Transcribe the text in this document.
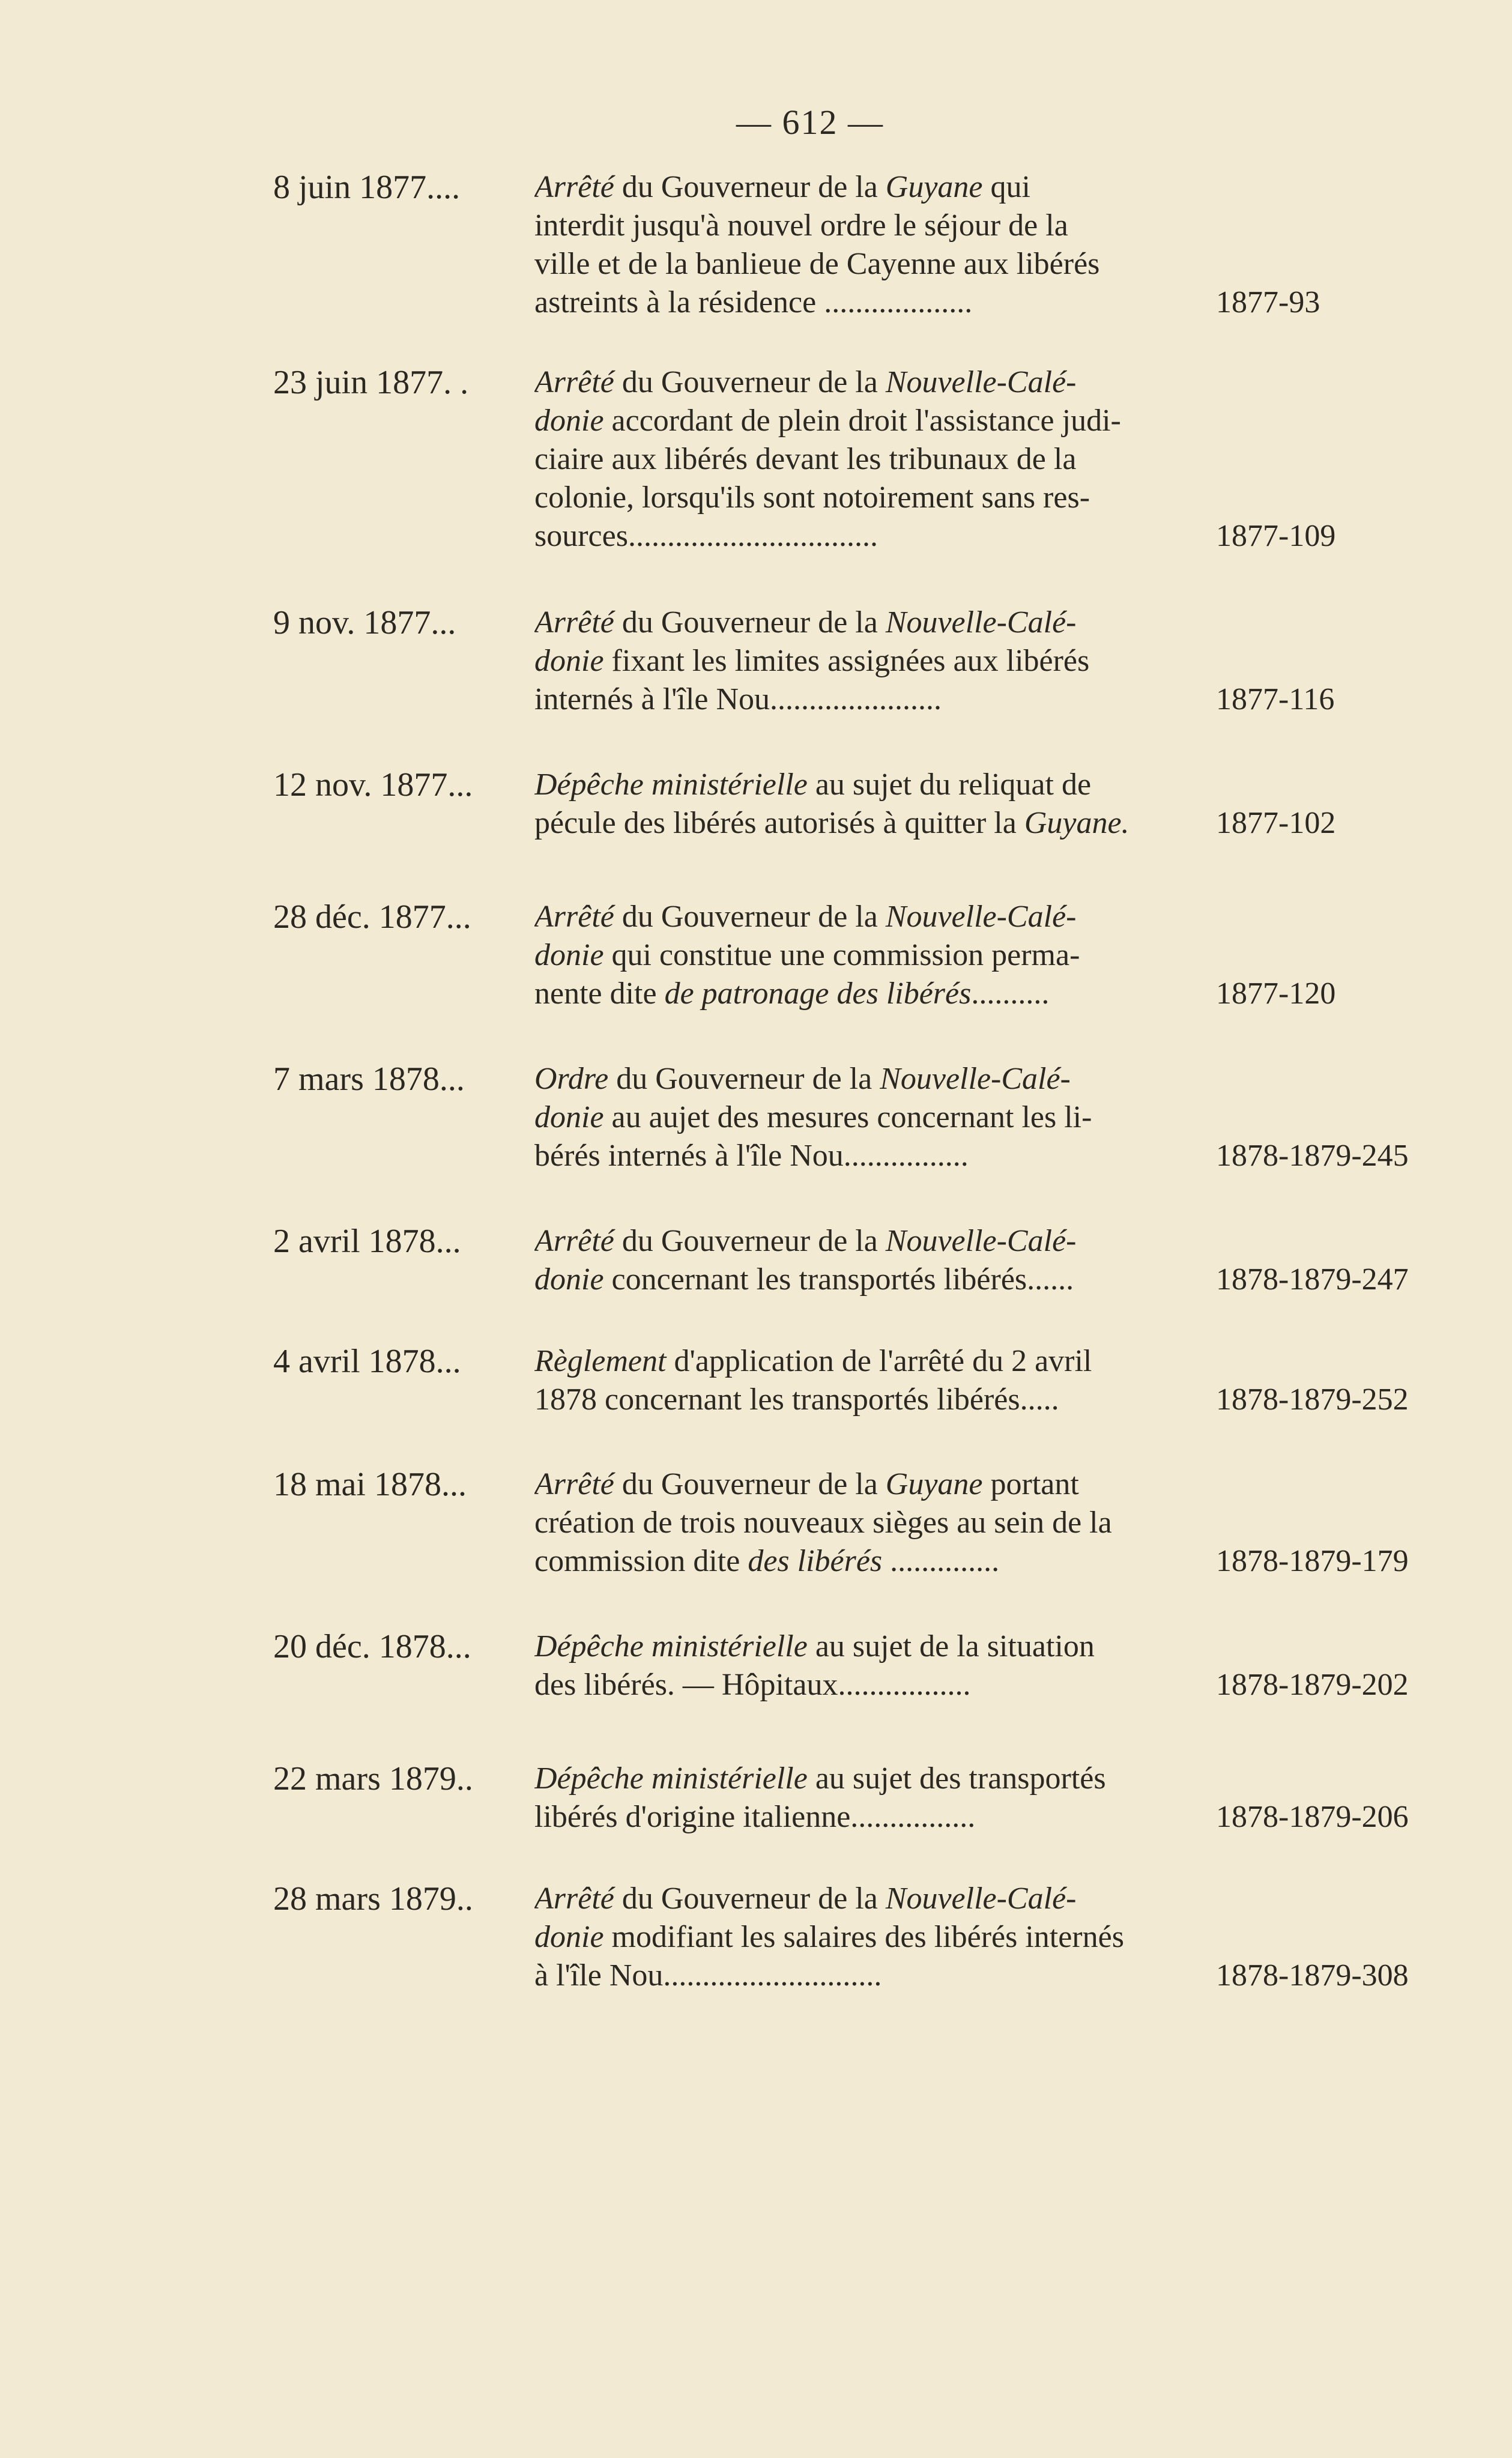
— 612 —
8 juin 1877.... Arrêté du Gouverneur de la Guyane qui
interdit jusqu'à nouvel ordre le séjour de la
ville et de la banlieue de Cayenne aux libérés
astreints à la résidence ...................	1877-93
23 juin 1877. . Arrêté du Gouverneur de la Nouvelle-Calé-
donie accordant de plein droit l'assistance judi-
ciaire aux libérés devant les tribunaux de la
colonie, lorsqu'ils sont notoirement sans res-
sources................................	1877-109
9 nov. 1877...	Arrêté du Gouverneur de la Nouvelle-Calé-
donie fixant les limites assignées aux libérés
internés à l'île Nou......................	1877-116
12 nov. 1877... Dépêche ministérielle au sujet du reliquat de
pécule des libérés autorisés à quitter la Guyane.	1877-102
28 déc. 1877... Arrêté du Gouverneur de la Nouvelle-Calé-
donie qui constitue une commission perma-
nente dite de patronage des libérés..........	1877-120
7 mars 1878... Ordre du Gouverneur de la Nouvelle-Calé-
donie au aujet des mesures concernant les li-
bérés internés à l'île Nou................	1878-1879-245
2 avril 1878... Arrêté du Gouverneur de la Nouvelle-Calé-
donie concernant les transportés libérés......	1878-1879-247
4 avril 1878... Règlement d'application de l'arrêté du 2 avril
1878 concernant les transportés libérés.....	1878-1879-252
18 mai 1878... Arrêté du Gouverneur de la Guyane portant
création de trois nouveaux sièges au sein de la
commission dite des libérés ..............	1878-1879-179
20 déc. 1878... Dépêche ministérielle au sujet de la situation
des libérés. — Hôpitaux.................	1878-1879-202
22 mars 1879.. Dépêche ministérielle au sujet des transportés
libérés d'origine italienne................	1878-1879-206
28 mars 1879.. Arrêté du Gouverneur de la Nouvelle-Calé-
donie modifiant les salaires des libérés internés
à l'île Nou............................	1878-1879-308
